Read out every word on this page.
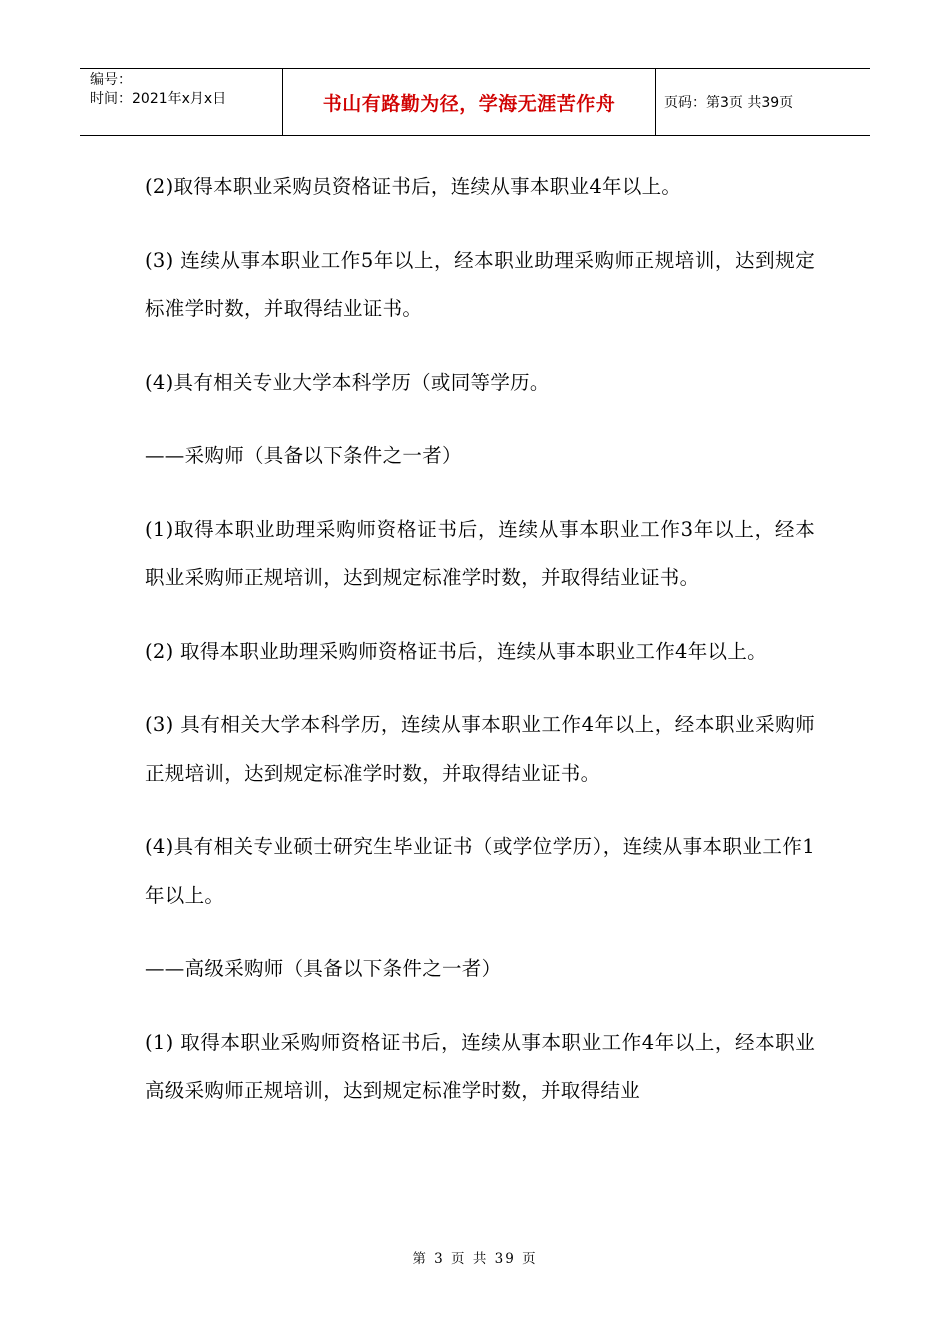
编号：
时间：2021年x月x日	书山有路勤为径，学海无涯苦作舟	页码：第3页 共39页

(2)取得本职业采购员资格证书后，连续从事本职业4年以上。

(3) 连续从事本职业工作5年以上，经本职业助理采购师正规培训，达到规定标准学时数，并取得结业证书。

(4)具有相关专业大学本科学历（或同等学历。

——采购师（具备以下条件之一者）

(1)取得本职业助理采购师资格证书后，连续从事本职业工作3年以上，经本职业采购师正规培训，达到规定标准学时数，并取得结业证书。

(2) 取得本职业助理采购师资格证书后，连续从事本职业工作4年以上。

(3) 具有相关大学本科学历，连续从事本职业工作4年以上，经本职业采购师正规培训，达到规定标准学时数，并取得结业证书。

(4)具有相关专业硕士研究生毕业证书（或学位学历），连续从事本职业工作1年以上。

——高级采购师（具备以下条件之一者）

(1) 取得本职业采购师资格证书后，连续从事本职业工作4年以上，经本职业高级采购师正规培训，达到规定标准学时数，并取得结业

第 3 页 共 39 页
